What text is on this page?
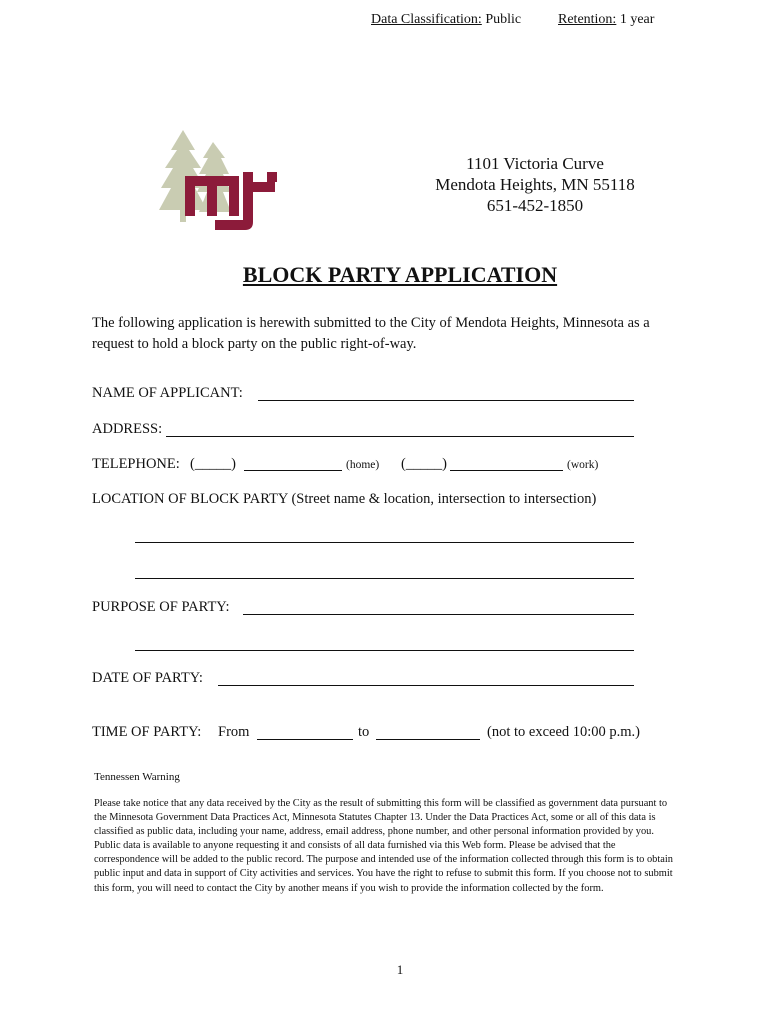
Data Classification: Public	Retention: 1 year
1101 Victoria Curve
Mendota Heights, MN 55118
651-452-1850
BLOCK PARTY APPLICATION
The following application is herewith submitted to the City of Mendota Heights, Minnesota as a request to hold a block party on the public right-of-way.
NAME OF APPLICANT:
ADDRESS:
TELEPHONE: (_____)	(home) (_____)	(work)
LOCATION OF BLOCK PARTY (Street name & location, intersection to intersection)
PURPOSE OF PARTY:
DATE OF PARTY:
TIME OF PARTY: From	to	(not to exceed 10:00 p.m.)
Tennessen Warning
Please take notice that any data received by the City as the result of submitting this form will be classified as government data pursuant to the Minnesota Government Data Practices Act, Minnesota Statutes Chapter 13. Under the Data Practices Act, some or all of this data is classified as public data, including your name, address, email address, phone number, and other personal information provided by you. Public data is available to anyone requesting it and consists of all data furnished via this Web form. Please be advised that the correspondence will be added to the public record. The purpose and intended use of the information collected through this form is to obtain public input and data in support of City activities and services. You have the right to refuse to submit this form. If you choose not to submit this form, you will need to contact the City by another means if you wish to provide the information collected by the form.
1
